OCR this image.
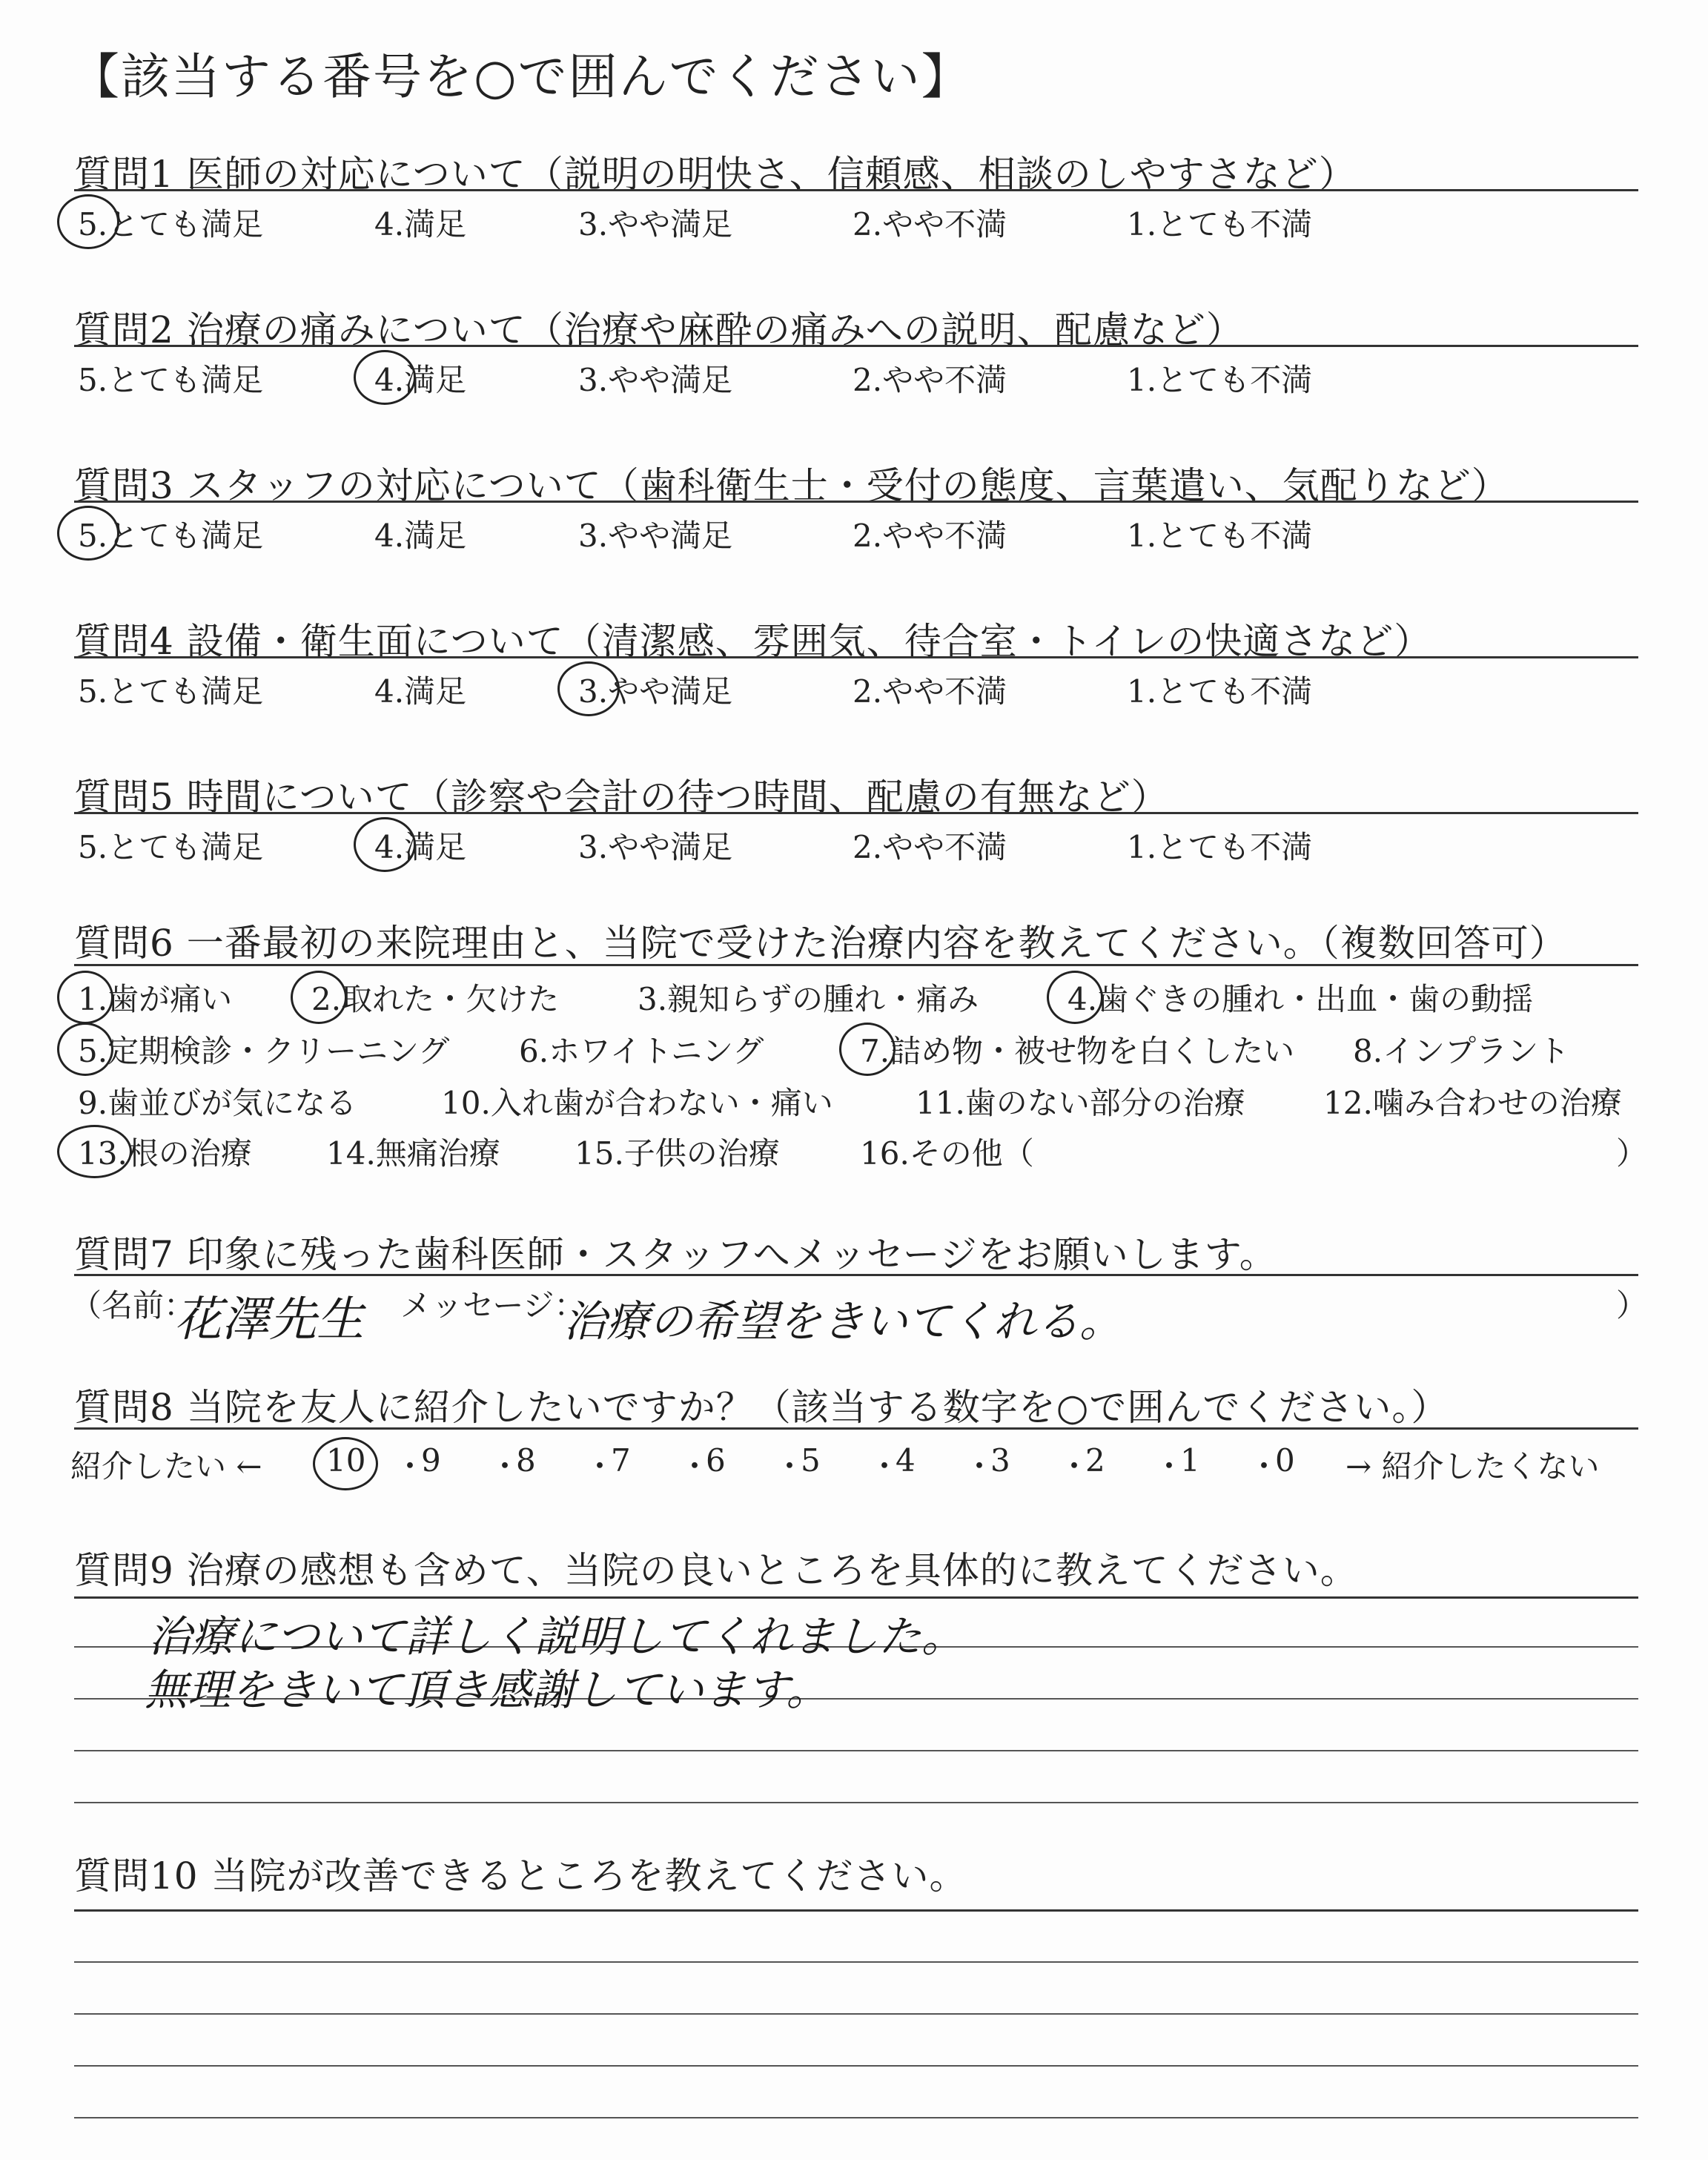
【該当する番号を○で囲んでください】
質問1 医師の対応について（説明の明快さ、信頼感、相談のしやすさなど）
5.とても満足	4.満足	3.やや満足	2.やや不満	1.とても不満
質問2 治療の痛みについて（治療や麻酔の痛みへの説明、配慮など）
5.とても満足	4.満足	3.やや満足	2.やや不満	1.とても不満
質問3 スタッフの対応について（歯科衛生士・受付の態度、言葉遣い、気配りなど）
5.とても満足	4.満足	3.やや満足	2.やや不満	1.とても不満
質問4 設備・衛生面について（清潔感、雰囲気、待合室・トイレの快適さなど）
5.とても満足	4.満足	3.やや満足	2.やや不満	1.とても不満
質問5 時間について（診察や会計の待つ時間、配慮の有無など）
5.とても満足	4.満足	3.やや満足	2.やや不満	1.とても不満
質問6 一番最初の来院理由と、当院で受けた治療内容を教えてください。（複数回答可）
1.歯が痛い	2.取れた・欠けた	3.親知らずの腫れ・痛み	4.歯ぐきの腫れ・出血・歯の動揺
5.定期検診・クリーニング 6.ホワイトニング	7.詰め物・被せ物を白くしたい 8.インプラント
9.歯並びが気になる	10.入れ歯が合わない・痛い	11.歯のない部分の治療	12.噛み合わせの治療
13.根の治療 14.無痛治療 15.子供の治療	16.その他（	）
質問7 印象に残った歯科医師・スタッフへメッセージをお願いします。
（名前：
花澤先生 メッセージ：
治療の希望をきいてくれる。	）
質問8 当院を友人に紹介したいですか？（該当する数字を○で囲んでください。）
紹介したい ← 10 ・
9 ・
8 ・
7 ・
6 ・
5 ・
4 ・
3 ・
2 ・
1 ・
0 → 紹介したくない
質問9 治療の感想も含めて、当院の良いところを具体的に教えてください。
治療について詳しく説明してくれました。
無理をきいて頂き感謝しています。
質問10 当院が改善できるところを教えてください。
